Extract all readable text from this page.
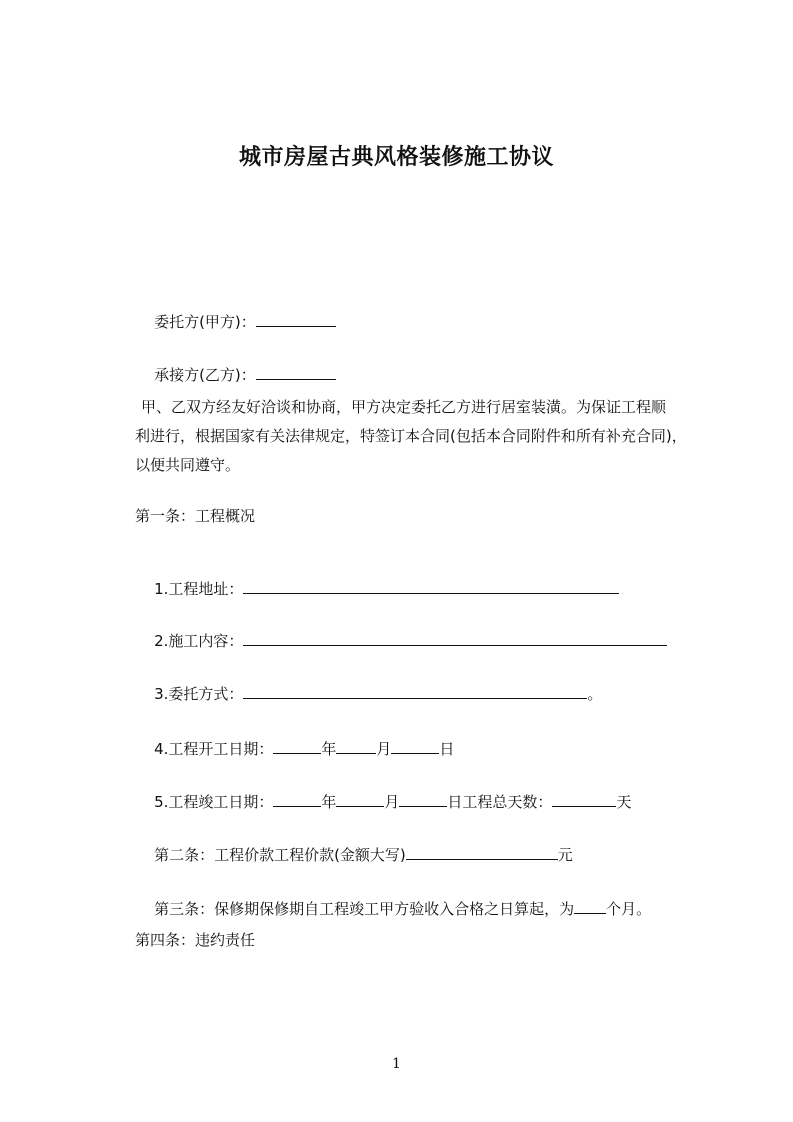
城市房屋古典风格装修施工协议

委托方(甲方)：

承接方(乙方)：

甲、乙双方经友好洽谈和协商，甲方决定委托乙方进行居室装潢。为保证工程顺
利进行，根据国家有关法律规定，特签订本合同(包括本合同附件和所有补充合同)，
以便共同遵守。
第一条：工程概况

1.工程地址：

2.施工内容：

3.委托方式：	。

4.工程开工日期：	年	月	日

5.工程竣工日期：	年	月	日工程总天数：	天

第二条：工程价款工程价款(金额大写)	元

第三条：保修期保修期自工程竣工甲方验收入合格之日算起，为 个月。

第四条：违约责任
1
